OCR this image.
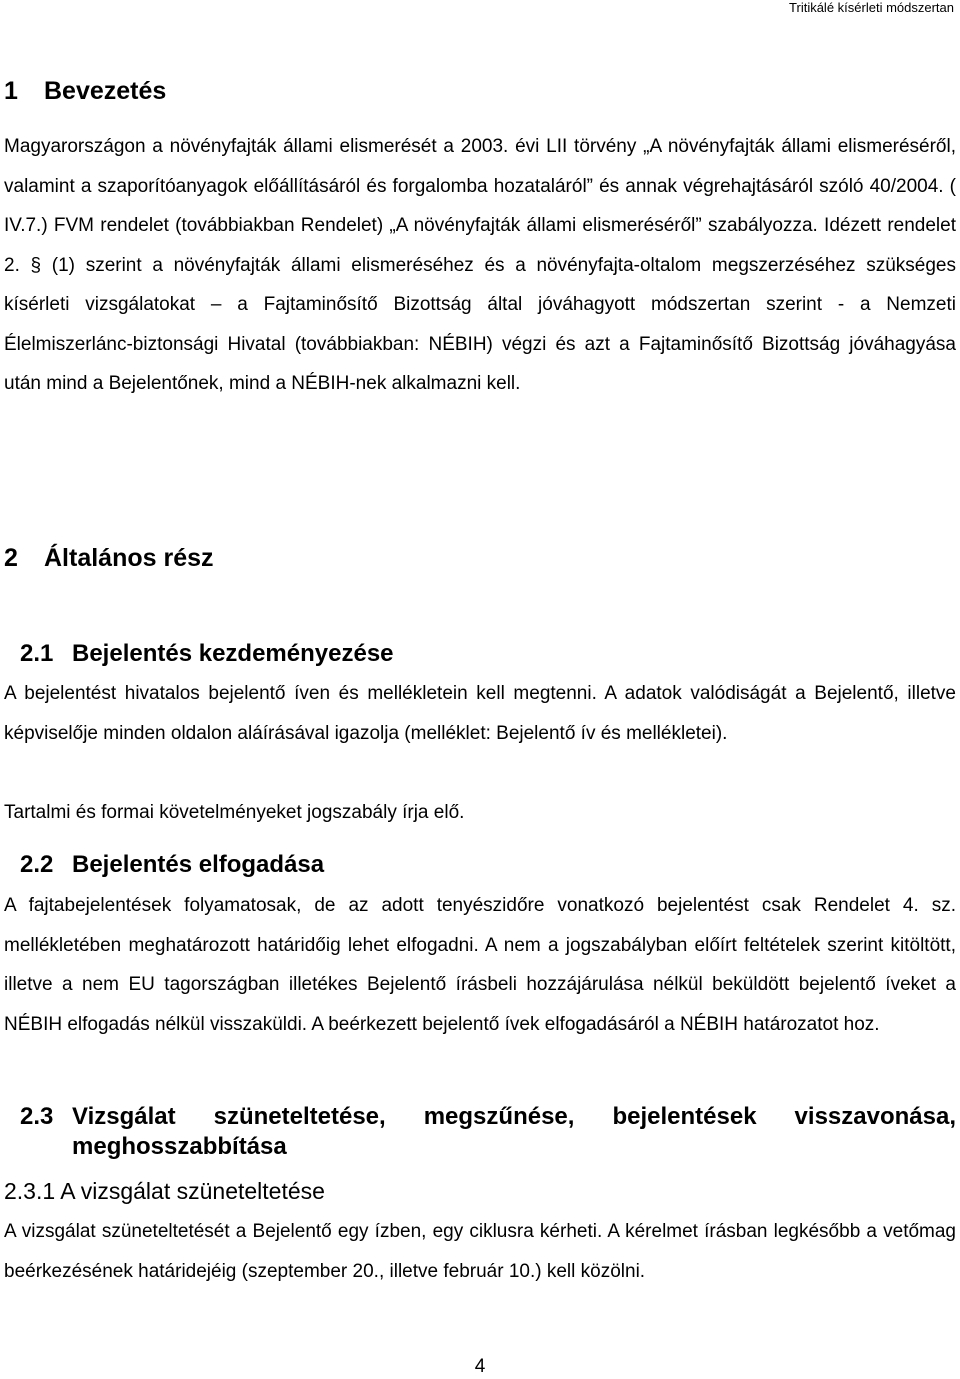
Tritikálé kísérleti módszertan
1 Bevezetés

Magyarországon a növényfajták állami elismerését a 2003. évi LII törvény „A növényfajták állami elismeréséről, valamint a szaporítóanyagok előállításáról és forgalomba hozataláról” és annak végrehajtásáról szóló 40/2004. ( IV.7.) FVM rendelet (továbbiakban Rendelet) „A növényfajták állami elismeréséről” szabályozza. Idézett rendelet 2. § (1) szerint a növényfajták állami elismeréséhez és a növényfajta-oltalom megszerzéséhez szükséges kísérleti vizsgálatokat – a Fajtaminősítő Bizottság által jóváhagyott módszertan szerint - a Nemzeti Élelmiszerlánc-biztonsági Hivatal (továbbiakban: NÉBIH) végzi és azt a Fajtaminősítő Bizottság jóváhagyása után mind a Bejelentőnek, mind a NÉBIH-nek alkalmazni kell.

2 Általános rész
2.1 Bejelentés kezdeményezése

A bejelentést hivatalos bejelentő íven és mellékletein kell megtenni. A adatok valódiságát a Bejelentő, illetve képviselője minden oldalon aláírásával igazolja (melléklet: Bejelentő ív és mellékletei).

Tartalmi és formai követelményeket jogszabály írja elő.

2.2 Bejelentés elfogadása

A fajtabejelentések folyamatosak, de az adott tenyészidőre vonatkozó bejelentést csak Rendelet 4. sz. mellékletében meghatározott határidőig lehet elfogadni. A nem a jogszabályban előírt feltételek szerint kitöltött, illetve a nem EU tagországban illetékes Bejelentő írásbeli hozzájárulása nélkül beküldött bejelentő íveket a NÉBIH elfogadás nélkül visszaküldi. A beérkezett bejelentő ívek elfogadásáról a NÉBIH határozatot hoz.

2.3 Vizsgálat szüneteltetése, megszűnése, bejelentések visszavonása, meghosszabbítása
2.3.1 A vizsgálat szüneteltetése

A vizsgálat szüneteltetését a Bejelentő egy ízben, egy ciklusra kérheti. A kérelmet írásban legkésőbb a vetőmag beérkezésének határidejéig (szeptember 20., illetve február 10.) kell közölni.

4
